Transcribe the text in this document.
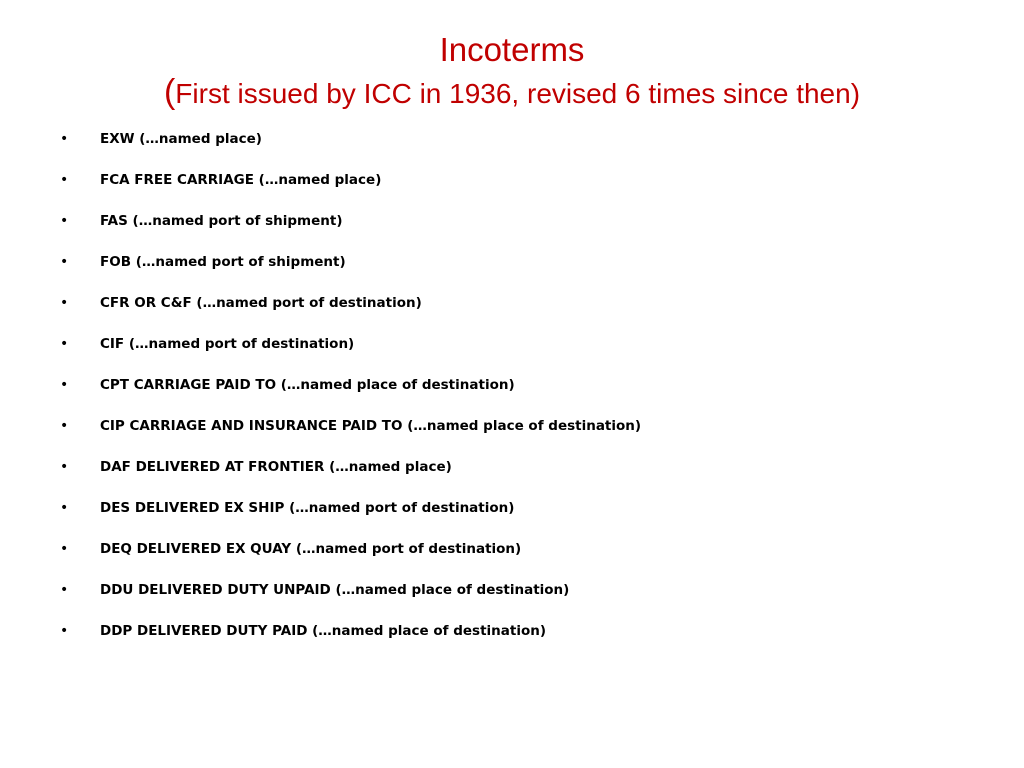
Incoterms
(First issued by ICC in 1936, revised 6 times since then)
• EXW (…named place)
• FCA FREE CARRIAGE (…named place)
• FAS (…named port of shipment)
• FOB (…named port of shipment)
• CFR OR C&F (…named port of destination)
• CIF (…named port of destination)
• CPT CARRIAGE PAID TO (…named place of destination)
• CIP CARRIAGE AND INSURANCE PAID TO (…named place of destination)
• DAF DELIVERED AT FRONTIER (…named place)
• DES DELIVERED EX SHIP (…named port of destination)
• DEQ DELIVERED EX QUAY (…named port of destination)
• DDU DELIVERED DUTY UNPAID (…named place of destination)
• DDP DELIVERED DUTY PAID (…named place of destination)
